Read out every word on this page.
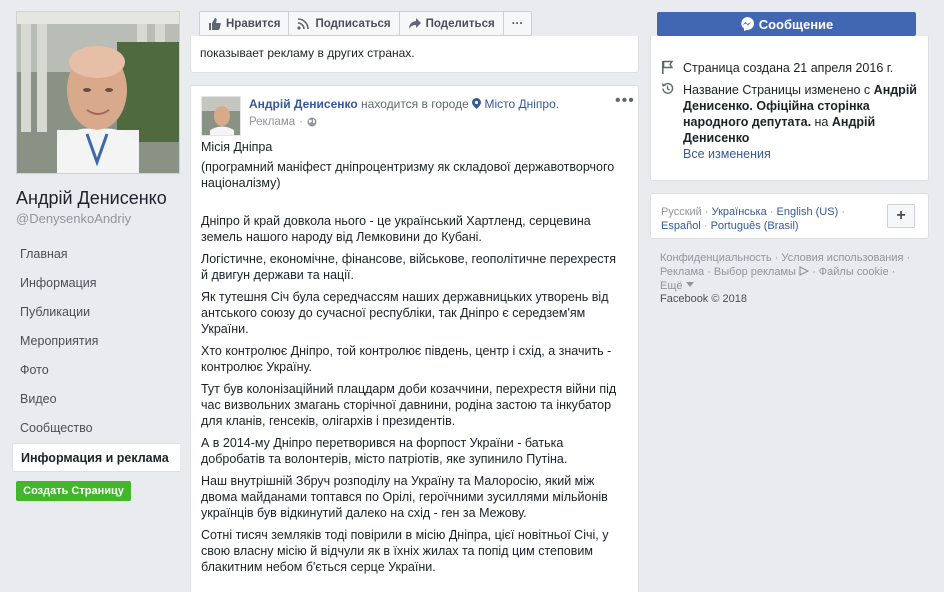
Андрій Денисенко
@DenysenkoAndriy
Главная
Информация
Публикации
Мероприятия
Фото
Видео
Сообщество
Информация и реклама
Создать Страницу
Нравится	Подписаться	Поделиться ···
показывает рекламу в других странах.
Андрій Денисенко находится в городе Місто Дніпро.
Реклама ·
•••

Місія Дніпра

(програмний маніфест дніпроцентризму як складової державотворчого націоналізму)

Дніпро й край довкола нього - це український Хартленд, серцевина земель нашого народу від Лемковини до Кубані.

Логістичне, економічне, фінансове, військове, геополітичне перехрестя й двигун держави та нації.

Як тутешня Січ була середчассям наших державницьких утворень від антського союзу до сучасної республіки, так Дніпро є середзем'ям України.

Хто контролює Дніпро, той контролює південь, центр і схід, а значить - контролює Україну.

Тут був колонізаційний плацдарм доби козаччини, перехрестя війни під час визвольних змагань сторічної давнини, родіна застою та інкубатор для кланів, генсеків, олігархів і президентів.

А в 2014-му Дніпро перетворився на форпост України - батька добробатів та волонтерів, місто патріотів, яке зупинило Путіна.

Наш внутрішній Збруч розподілу на Україну та Малоросію, який між двома майданами топтався по Орілі, героїчними зусиллями мільйонів українців був відкинутий далеко на схід - ген за Межову.

Сотні тисяч земляків тоді повірили в місію Дніпра, цієї новітньої Січі, у свою власну місію й відчули як в їхніх жилах та попід цим степовим блакитним небом б'ється серце України.

Сообщение
Страница создана 21 апреля 2016 г.
Название Страницы изменено с Андрій Денисенко. Офіційна сторінка народного депутата. на Андрій Денисенко
Все изменения
Русский · Українська · English (US) ·
Español · Português (Brasil)
+
Конфиденциальность · Условия использования ·
Реклама · Выбор рекламы · Файлы cookie ·
Ещё
Facebook © 2018
